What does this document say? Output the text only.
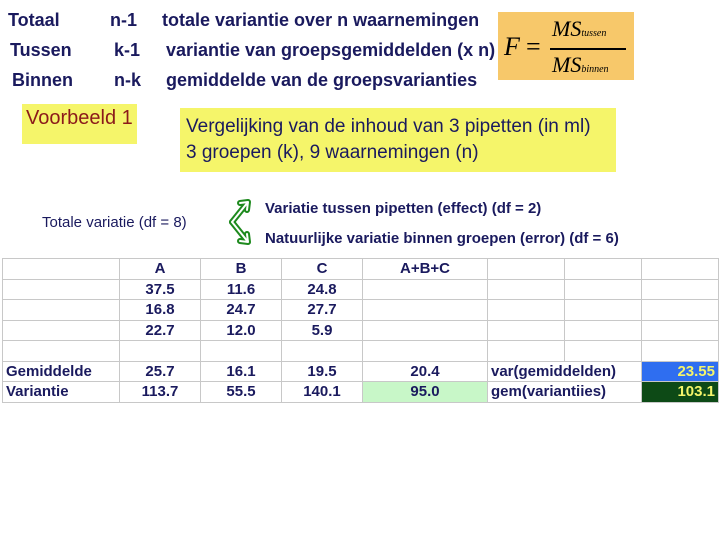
Totaal	n-1 totale variantie over n waarnemingen
Tussen k-1 variantie van groepsgemiddelden (x n)
Binnen n-k gemiddelde van de groepsvarianties
F =
MStussen
MSbinnen
Voorbeeld 1	Vergelijking van de inhoud van 3 pipetten (in ml)
3 groepen (k), 9 waarnemingen (n)
Totale variatie (df = 8)
Variatie tussen pipetten (effect) (df = 2)
Natuurlijke variatie binnen groepen (error) (df = 6)
	A	B	C	A+B+C			
	37.5	11.6	24.8				
	16.8	24.7	27.7				
	22.7	12.0	5.9				

Gemiddelde	25.7	16.1	19.5	20.4	var(gemiddelden)		23.55
Variantie	113.7	55.5	140.1	95.0	gem(variantiies)		103.1
